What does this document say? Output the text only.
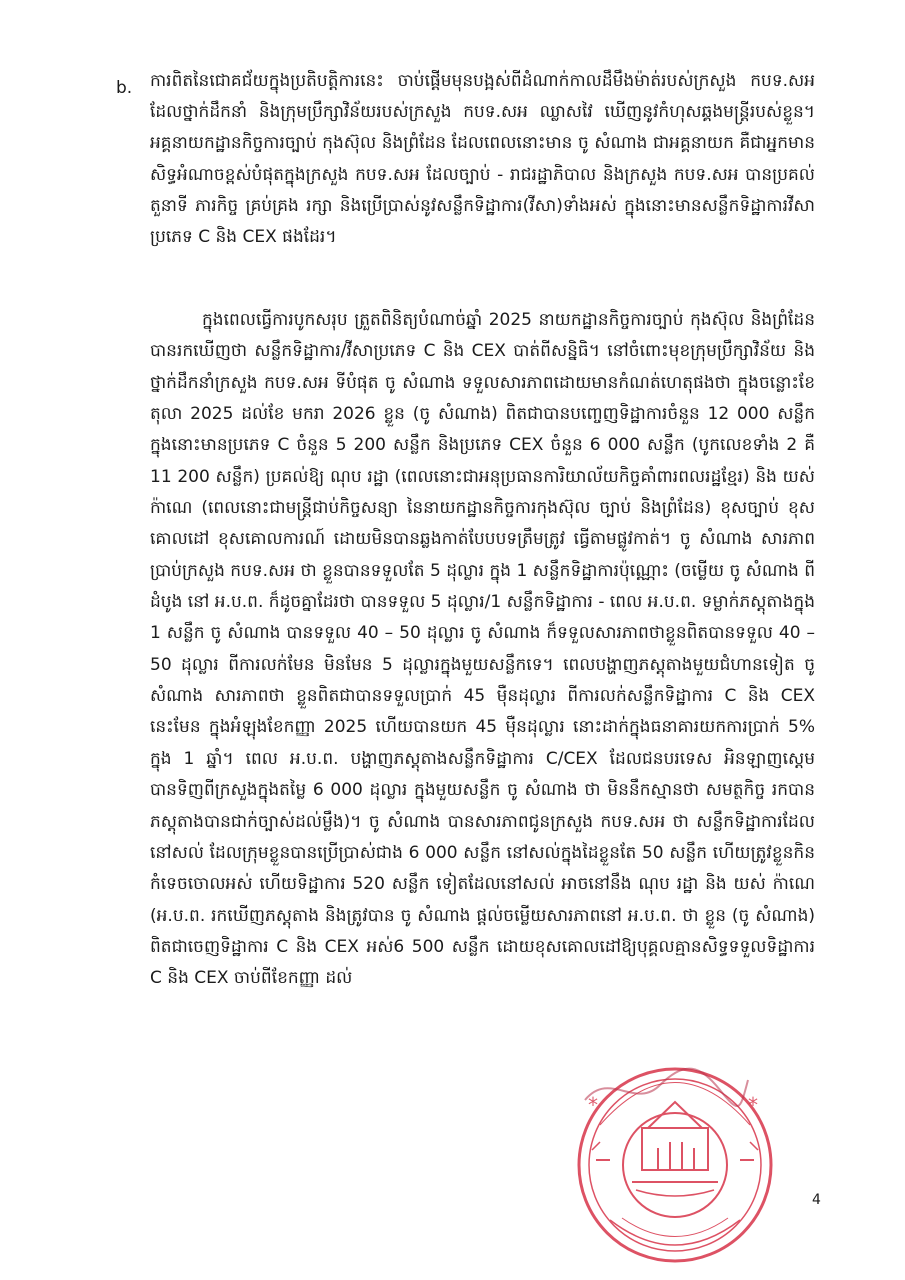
b. ការពិតនៃជោគជ័យក្នុងប្រតិបត្តិការនេះ ចាប់ផ្តើមមុនបង្អស់ពីដំណាក់កាលដឹមឹងម៉ាត់របស់ក្រសួង កបទ.សអ ដែលថ្នាក់ដឹកនាំ និងក្រុមប្រឹក្សាវិន័យរបស់ក្រសួង កបទ.សអ ឈ្លាសវៃ ឃើញនូវកំហុសឆ្គងមន្ត្រីរបស់ខ្លួន។ អគ្គនាយកដ្ឋានកិច្ចការច្បាប់ កុងស៊ុល និងព្រំដែន ដែលពេលនោះមាន ចូ សំណាង ជាអគ្គនាយក គឺជាអ្នកមានសិទ្ធអំណាចខ្ពស់បំផុតក្នុងក្រសួង កបទ.សអ ដែលច្បាប់ - រាជរដ្ឋាភិបាល និងក្រសួង កបទ.សអ បានប្រគល់តួនាទី ភារកិច្ច គ្រប់គ្រង រក្សា និងប្រើប្រាស់នូវសន្លឹកទិដ្ឋាការ(វីសា)ទាំងអស់ ក្នុងនោះមានសន្លឹកទិដ្ឋាការវីសា ប្រភេទ C និង CEX ផងដែរ។

ក្នុងពេលធ្វើការបូកសរុប ត្រួតពិនិត្យបំណាច់ឆ្នាំ 2025 នាយកដ្ឋានកិច្ចការច្បាប់ កុងស៊ុល និងព្រំដែន បានរកឃើញថា សន្លឹកទិដ្ឋាការ/វីសាប្រភេទ C និង CEX បាត់ពីសន្និធិ។ នៅចំពោះមុខក្រុមប្រឹក្សាវិន័យ និងថ្នាក់ដឹកនាំក្រសួង កបទ.សអ ទីបំផុត ចូ សំណាង ទទួលសារភាពដោយមានកំណត់ហេតុផងថា ក្នុងចន្លោះខែតុលា 2025 ដល់ខែ មករា 2026 ខ្លួន (ចូ សំណាង) ពិតជាបានបញ្ចេញទិដ្ឋាការចំនួន 12 000 សន្លឹក ក្នុងនោះមានប្រភេទ C ចំនួន 5 200 សន្លឹក និងប្រភេទ CEX ចំនួន 6 000 សន្លឹក (បូកលេខទាំង 2 គឺ 11 200 សន្លឹក) ប្រគល់ឱ្យ ណុប រដ្ឋា (ពេលនោះជាអនុប្រធានការិយាល័យកិច្ចគាំពារពលរដ្ឋខ្មែរ) និង យស់ ក៉ាណេ (ពេលនោះជាមន្ត្រីជាប់កិច្ចសន្យា នៃនាយកដ្ឋានកិច្ចការកុងស៊ុល ច្បាប់ និងព្រំដែន) ខុសច្បាប់ ខុសគោលដៅ ខុសគោលការណ៍ ដោយមិនបានឆ្លងកាត់បែបបទត្រឹមត្រូវ ធ្វើតាមផ្លូវកាត់។ ចូ សំណាង សារភាពប្រាប់ក្រសួង កបទ.សអ ថា ខ្លួនបានទទួលតែ 5 ដុល្លារ ក្នុង 1 សន្លឹកទិដ្ឋាការប៉ុណ្ណោះ (ចម្លើយ ចូ សំណាង ពីដំបូង នៅ អ.ប.ព. ក៏ដូចគ្នាដែរថា បានទទួល 5 ដុល្លារ/1 សន្លឹកទិដ្ឋាការ - ពេល អ.ប.ព. ទម្លាក់ភស្តុតាងក្នុង 1 សន្លឹក ចូ សំណាង បានទទួល 40 – 50 ដុល្លារ ចូ សំណាង ក៏ទទួលសារភាពថាខ្លួនពិតបានទទួល 40 – 50 ដុល្លារ ពីការលក់មែន មិនមែន 5 ដុល្លារក្នុងមួយសន្លឹកទេ។ ពេលបង្ហាញភស្តុតាងមួយជំហានទៀត ចូ សំណាង សារភាពថា ខ្លួនពិតជាបានទទួលប្រាក់ 45 ម៉ឺនដុល្លារ ពីការលក់សន្លឹកទិដ្ឋាការ C និង CEX នេះមែន ក្នុងអំឡុងខែកញ្ញា 2025 ហើយបានយក 45 ម៉ឺនដុល្លារ នោះដាក់ក្នុងធនាគារយកការប្រាក់ 5% ក្នុង 1 ឆ្នាំ។ ពេល អ.ប.ព. បង្ហាញភស្តុតាងសន្លឹកទិដ្ឋាការ C/CEX ដែលជនបរទេស អិនឡាញស្តេម បានទិញពីក្រសួងក្នុងតម្លៃ 6 000 ដុល្លារ ក្នុងមួយសន្លឹក ចូ សំណាង ថា មិននឹកស្មានថា សមត្ថកិច្ច រកបានភស្តុតាងបានជាក់ច្បាស់ដល់ម្លឹង)។ ចូ សំណាង បានសារភាពជូនក្រសួង កបទ.សអ ថា សន្លឹកទិដ្ឋាការដែលនៅសល់ ដែលក្រុមខ្លួនបានប្រើប្រាស់ជាង 6 000 សន្លឹក នៅសល់ក្នុងដៃខ្លួនតែ 50 សន្លឹក ហើយត្រូវខ្លួនកិនកំទេចចោលអស់ ហើយទិដ្ឋាការ 520 សន្លឹក ទៀតដែលនៅសល់ អាចនៅនឹង ណុប រដ្ឋា និង យស់ ក៉ាណេ (អ.ប.ព. រកឃើញភស្តុតាង និងត្រូវបាន ចូ សំណាង ផ្តល់ចម្លើយសារភាពនៅ អ.ប.ព. ថា ខ្លួន (ចូ សំណាង) ពិតជាចេញទិដ្ឋាការ C និង CEX អស់6 500 សន្លឹក ដោយខុសគោលដៅឱ្យបុគ្គលគ្មានសិទ្ធទទួលទិដ្ឋាការ C និង CEX ចាប់ពីខែកញ្ញា ដល់

*	*
4
